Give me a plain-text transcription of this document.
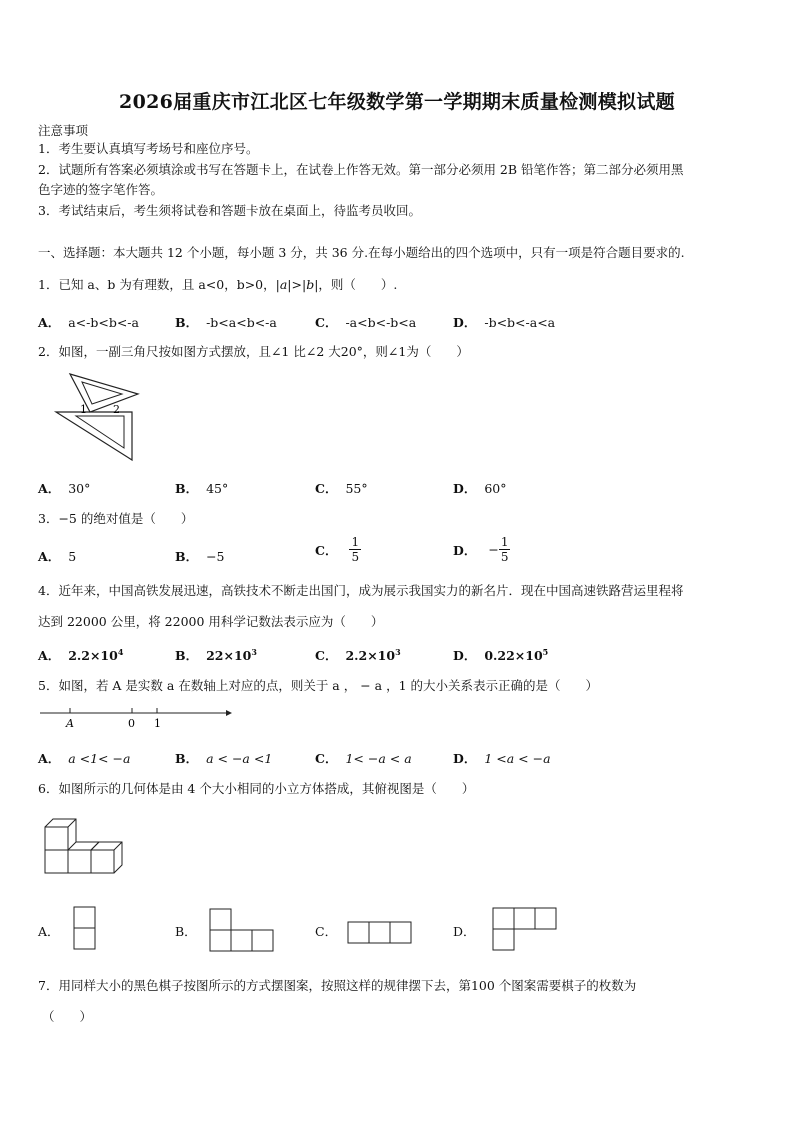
2026届重庆市江北区七年级数学第一学期期末质量检测模拟试题
注意事项
1．考生要认真填写考场号和座位序号。
2．试题所有答案必须填涂或书写在答题卡上，在试卷上作答无效。第一部分必须用 2B 铅笔作答；第二部分必须用黑
色字迹的签字笔作答。
3．考试结束后，考生须将试卷和答题卡放在桌面上，待监考员收回。
一、选择题：本大题共 12 个小题，每小题 3 分，共 36 分.在每小题给出的四个选项中，只有一项是符合题目要求的.
1．已知 a、b 为有理数，且 a<0，b>0，|a|>|b|，则（　　）.
A． a<-b<b<-a	B． -b<a<b<-a	C． -a<b<-b<a	D． -b<b<-a<a
2．如图，一副三角尺按如图方式摆放，且∠1 比∠2 大20°，则∠1为（　　）
1 2
A． 30°	B． 45°	C． 55°	D． 60°
3．−5 的绝对值是（　　）
A． 5	B． −5	C． $\frac{1}{5}$	D． − $\frac{1}{5}$
4．近年来，中国高铁发展迅速，高铁技术不断走出国门，成为展示我国实力的新名片．现在中国高速铁路营运里程将
达到 22000 公里，将 22000 用科学记数法表示应为（　　）
A． $2.2\times 10^4$	B． $22\times 10^3$	C． $2.2\times 10^3$	D． $0.22\times 10^5$
5．如图，若 A 是实数 a 在数轴上对应的点，则关于 a ， − a ，1 的大小关系表示正确的是（　　）
A	0 1
A． a <1< −a	B． a < −a <1	C． 1< −a < a	D． 1 <a < −a
6．如图所示的几何体是由 4 个大小相同的小立方体搭成，其俯视图是（　　）
A．	B．	C．	D．
7．用同样大小的黑色棋子按图所示的方式摆图案，按照这样的规律摆下去，第100 个图案需要棋子的枚数为
（　　）
